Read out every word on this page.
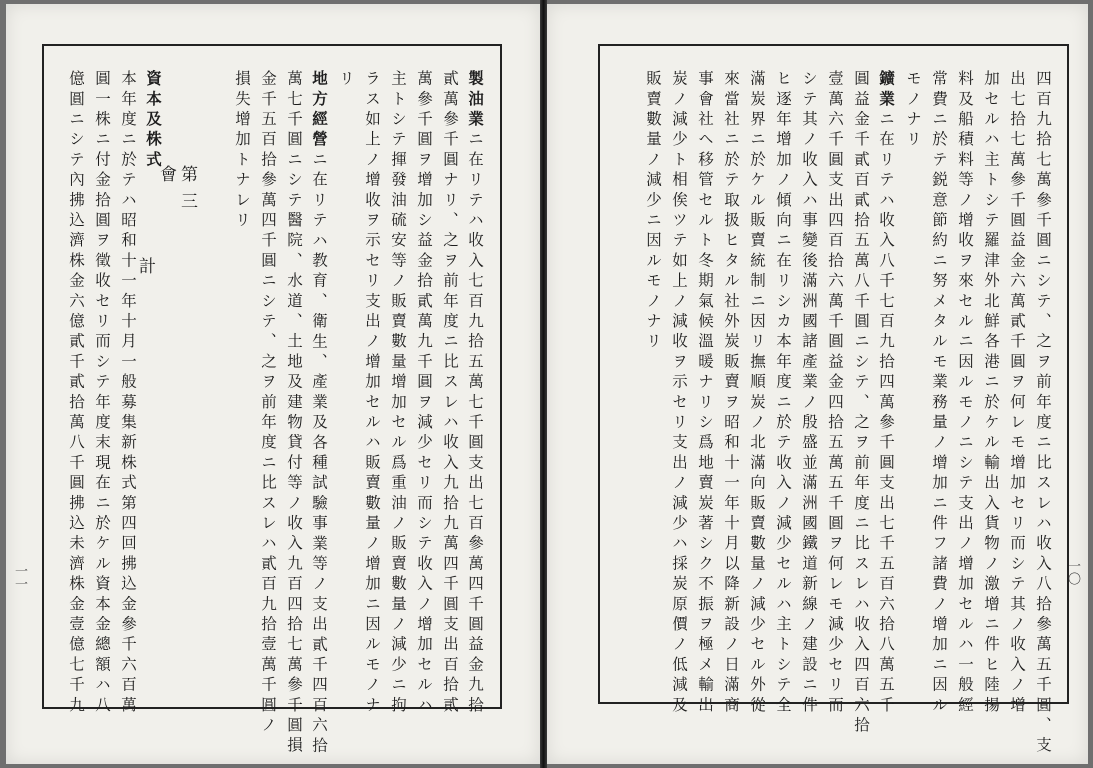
一一
製油業ニ在リテハ收入七百九拾五萬七千圓支出七百參萬四千圓益金九拾
貳萬參千圓ナリ、之ヲ前年度ニ比スレハ收入九拾九萬四千圓支出百拾貳
萬參千圓ヲ增加シ益金拾貳萬九千圓ヲ減少セリ而シテ收入ノ增加セルハ
主トシテ揮發油硫安等ノ販賣數量增加セル爲重油ノ販賣數量ノ減少ニ拘
ラス如上ノ增收ヲ示セリ支出ノ增加セルハ販賣數量ノ增加ニ因ルモノナ
リ
地方經營ニ在リテハ教育、衛生、產業及各種試驗事業等ノ支出貳千四百六拾
萬七千圓ニシテ醫院、水道、土地及建物貸付等ノ收入九百四拾七萬參千圓損
金千五百拾參萬四千圓ニシテ、之ヲ前年度ニ比スレハ貳百九拾壹萬千圓ノ
損失增加トナレリ
第三
會
計
資本及株式
本年度ニ於テハ昭和十一年十月一般募集新株式第四回拂込金參千六百萬
圓一株ニ付金拾圓ヲ徵收セリ而シテ年度末現在ニ於ケル資本金總額ハ八
億圓ニシテ內拂込濟株金六億貳千貳拾萬八千圓拂込未濟株金壹億七千九	一〇
四百九拾七萬參千圓ニシテ、之ヲ前年度ニ比スレハ收入八拾參萬五千圓、支
出七拾七萬參千圓益金六萬貳千圓ヲ何レモ增加セリ而シテ其ノ收入ノ增
加セルハ主トシテ羅津外北鮮各港ニ於ケル輸出入貨物ノ激增ニ件ヒ陸揚
料及船積料等ノ增收ヲ來セルニ因ルモノニシテ支出ノ增加セルハ一般經
常費ニ於テ鋭意節約ニ努メタルモ業務量ノ增加ニ件フ諸費ノ增加ニ因ル
モノナリ
鑛業ニ在リテハ收入八千七百九拾四萬參千圓支出七千五百六拾八萬五千
圓益金千貳百貳拾五萬八千圓ニシテ、之ヲ前年度ニ比スレハ收入四百六拾
壹萬六千圓支出四百拾六萬千圓益金四拾五萬五千圓ヲ何レモ減少セリ而
シテ其ノ收入ハ事變後滿洲國諸產業ノ殷盛並滿洲國鐵道新線ノ建設ニ件
ヒ逐年增加ノ傾向ニ在リシカ本年度ニ於テ收入ノ減少セルハ主トシテ全
滿炭界ニ於ケル販賣統制ニ因リ撫順炭ノ北滿向販賣數量ノ減少セル外從
來當社ニ於テ取扱ヒタル社外炭販賣ヲ昭和十一年十月以降新設ノ日滿商
事會社ヘ移管セルト冬期氣候溫暖ナリシ爲地賣炭著シク不振ヲ極メ輸出
炭ノ減少ト相俟ツテ如上ノ減收ヲ示セリ支出ノ減少ハ採炭原價ノ低減及
販賣數量ノ減少ニ因ルモノナリ
